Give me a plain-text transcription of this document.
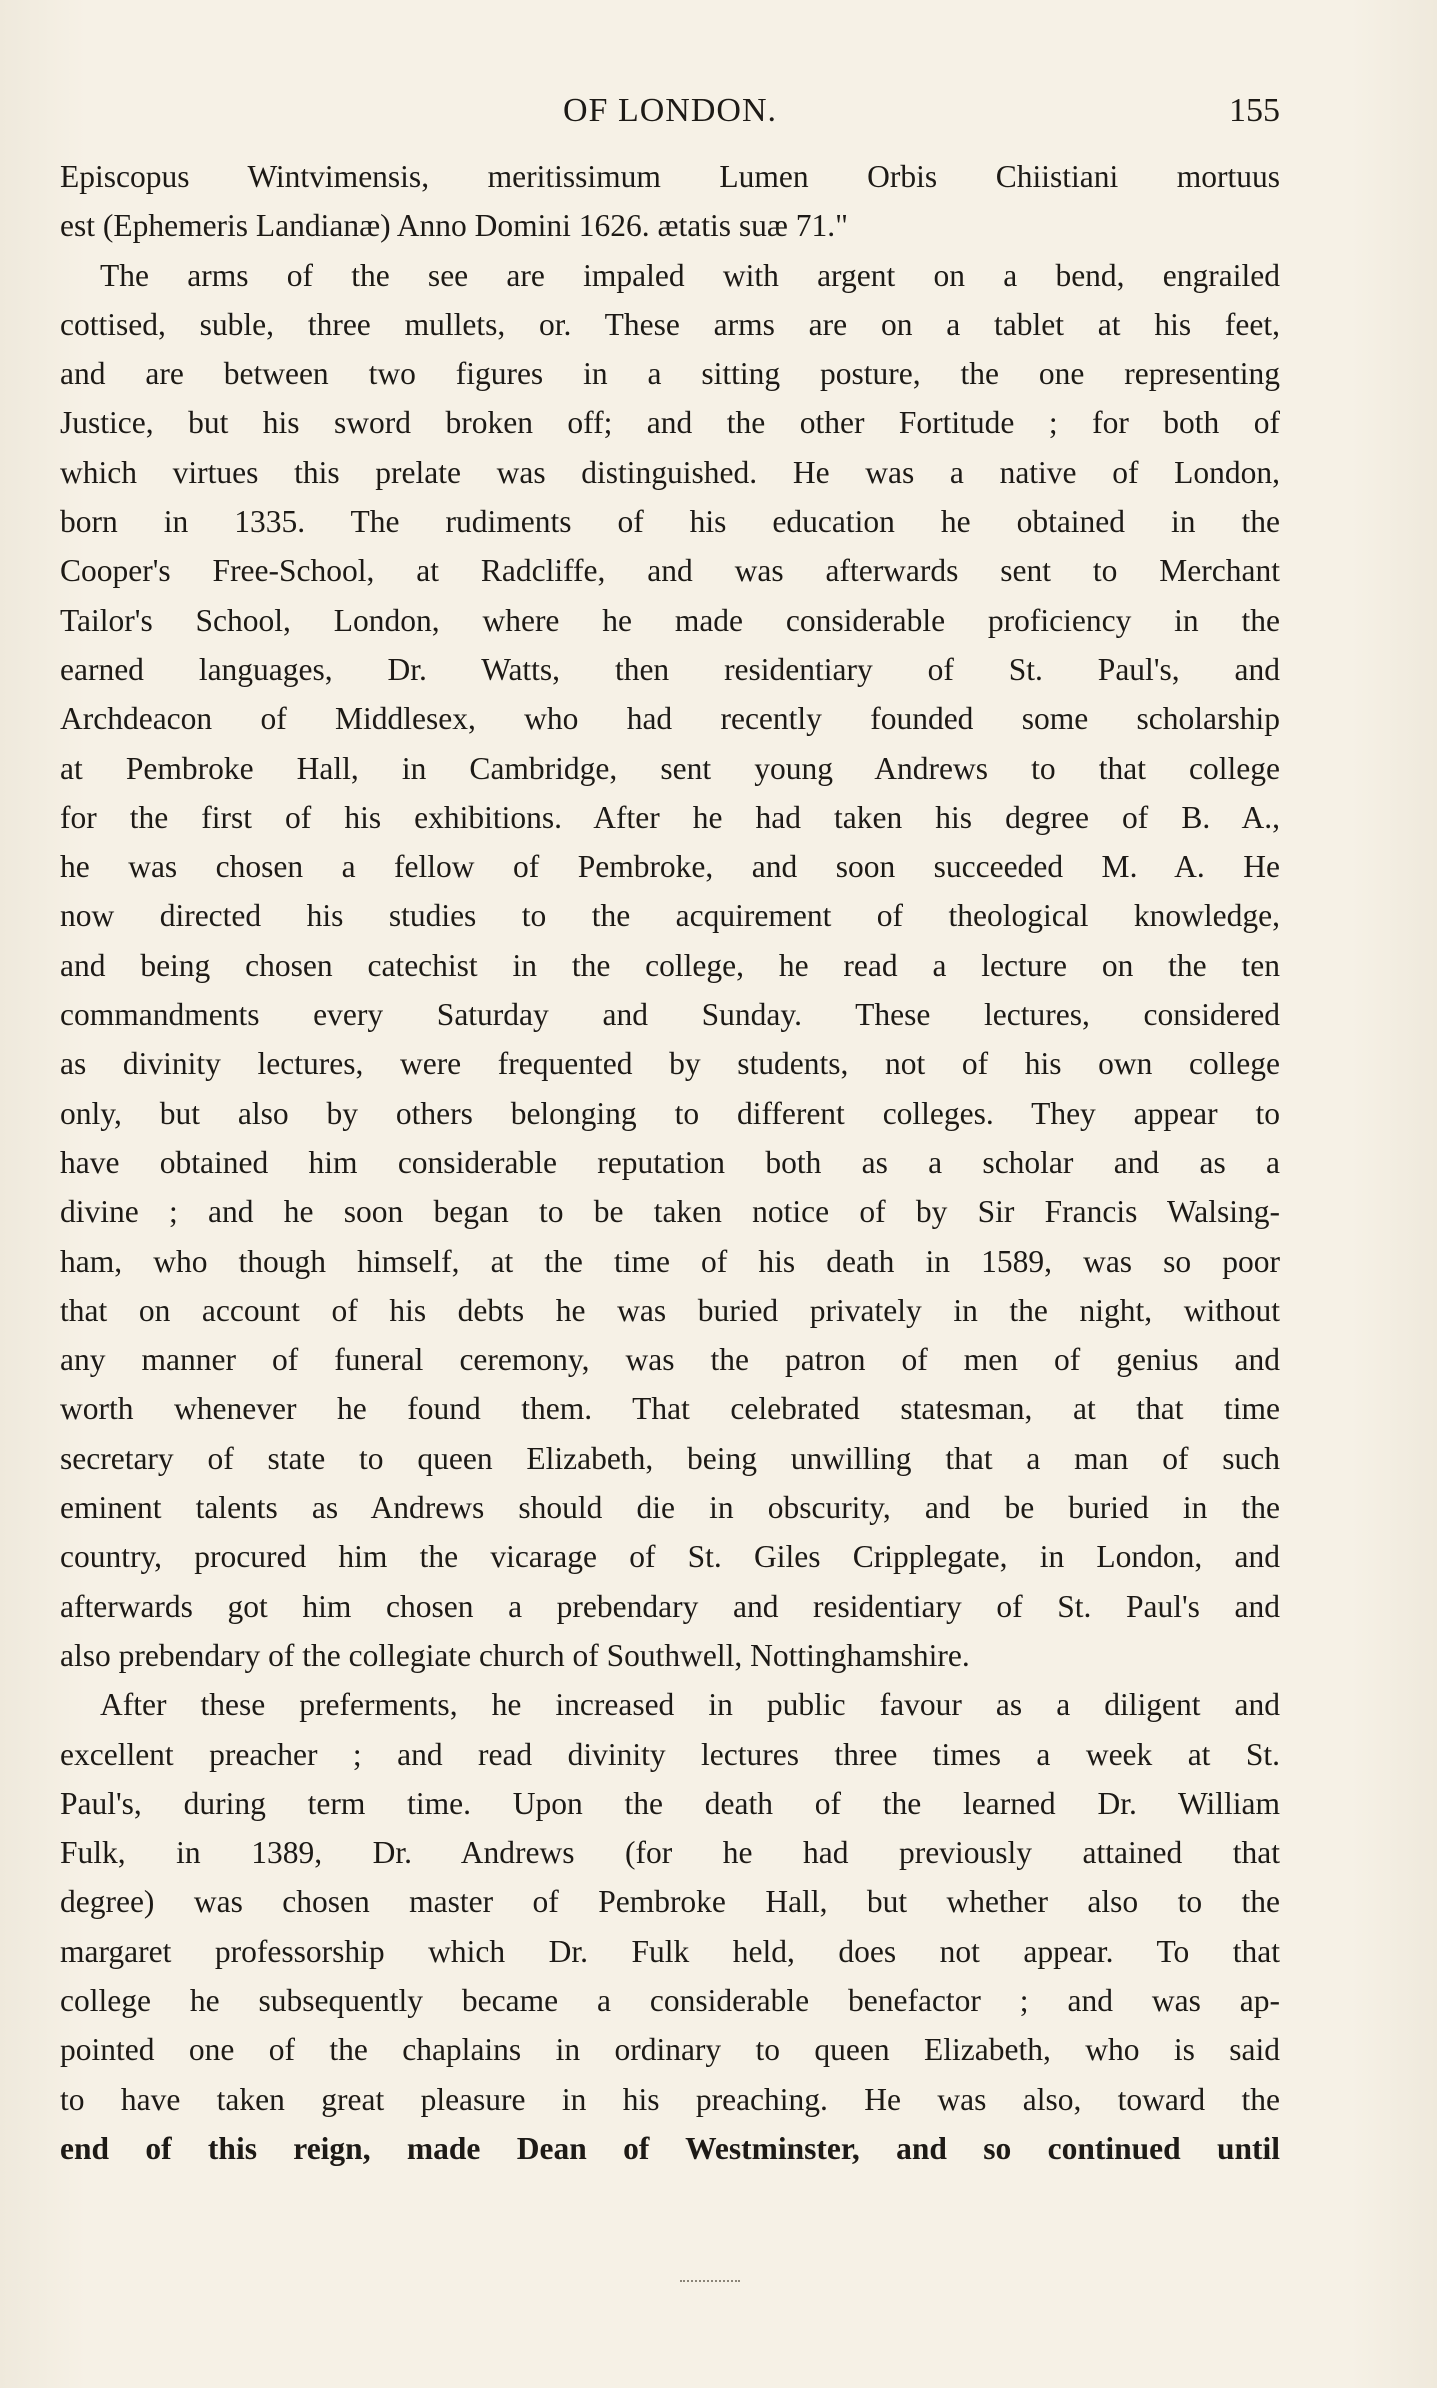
OF LONDON.	155
Episcopus Wintvimensis, meritissimum Lumen Orbis Chiistiani mortuus
est (Ephemeris Landianæ) Anno Domini 1626. ætatis suæ 71."
The arms of the see are impaled with argent on a bend, engrailed
cottised, suble, three mullets, or. These arms are on a tablet at his feet,
and are between two figures in a sitting posture, the one representing
Justice, but his sword broken off; and the other Fortitude ; for both of
which virtues this prelate was distinguished. He was a native of London,
born in 1335. The rudiments of his education he obtained in the
Cooper's Free-School, at Radcliffe, and was afterwards sent to Merchant
Tailor's School, London, where he made considerable proficiency in the
earned languages, Dr. Watts, then residentiary of St. Paul's, and
Archdeacon of Middlesex, who had recently founded some scholarship
at Pembroke Hall, in Cambridge, sent young Andrews to that college
for the first of his exhibitions. After he had taken his degree of B. A.,
he was chosen a fellow of Pembroke, and soon succeeded M. A. He
now directed his studies to the acquirement of theological knowledge,
and being chosen catechist in the college, he read a lecture on the ten
commandments every Saturday and Sunday. These lectures, considered
as divinity lectures, were frequented by students, not of his own college
only, but also by others belonging to different colleges. They appear to
have obtained him considerable reputation both as a scholar and as a
divine ; and he soon began to be taken notice of by Sir Francis Walsing-
ham, who though himself, at the time of his death in 1589, was so poor
that on account of his debts he was buried privately in the night, without
any manner of funeral ceremony, was the patron of men of genius and
worth whenever he found them. That celebrated statesman, at that time
secretary of state to queen Elizabeth, being unwilling that a man of such
eminent talents as Andrews should die in obscurity, and be buried in the
country, procured him the vicarage of St. Giles Cripplegate, in London, and
afterwards got him chosen a prebendary and residentiary of St. Paul's and
also prebendary of the collegiate church of Southwell, Nottinghamshire.
After these preferments, he increased in public favour as a diligent and
excellent preacher ; and read divinity lectures three times a week at St.
Paul's, during term time. Upon the death of the learned Dr. William
Fulk, in 1389, Dr. Andrews (for he had previously attained that
degree) was chosen master of Pembroke Hall, but whether also to the
margaret professorship which Dr. Fulk held, does not appear. To that
college he subsequently became a considerable benefactor ; and was ap-
pointed one of the chaplains in ordinary to queen Elizabeth, who is said
to have taken great pleasure in his preaching. He was also, toward the
end of this reign, made Dean of Westminster, and so continued until
